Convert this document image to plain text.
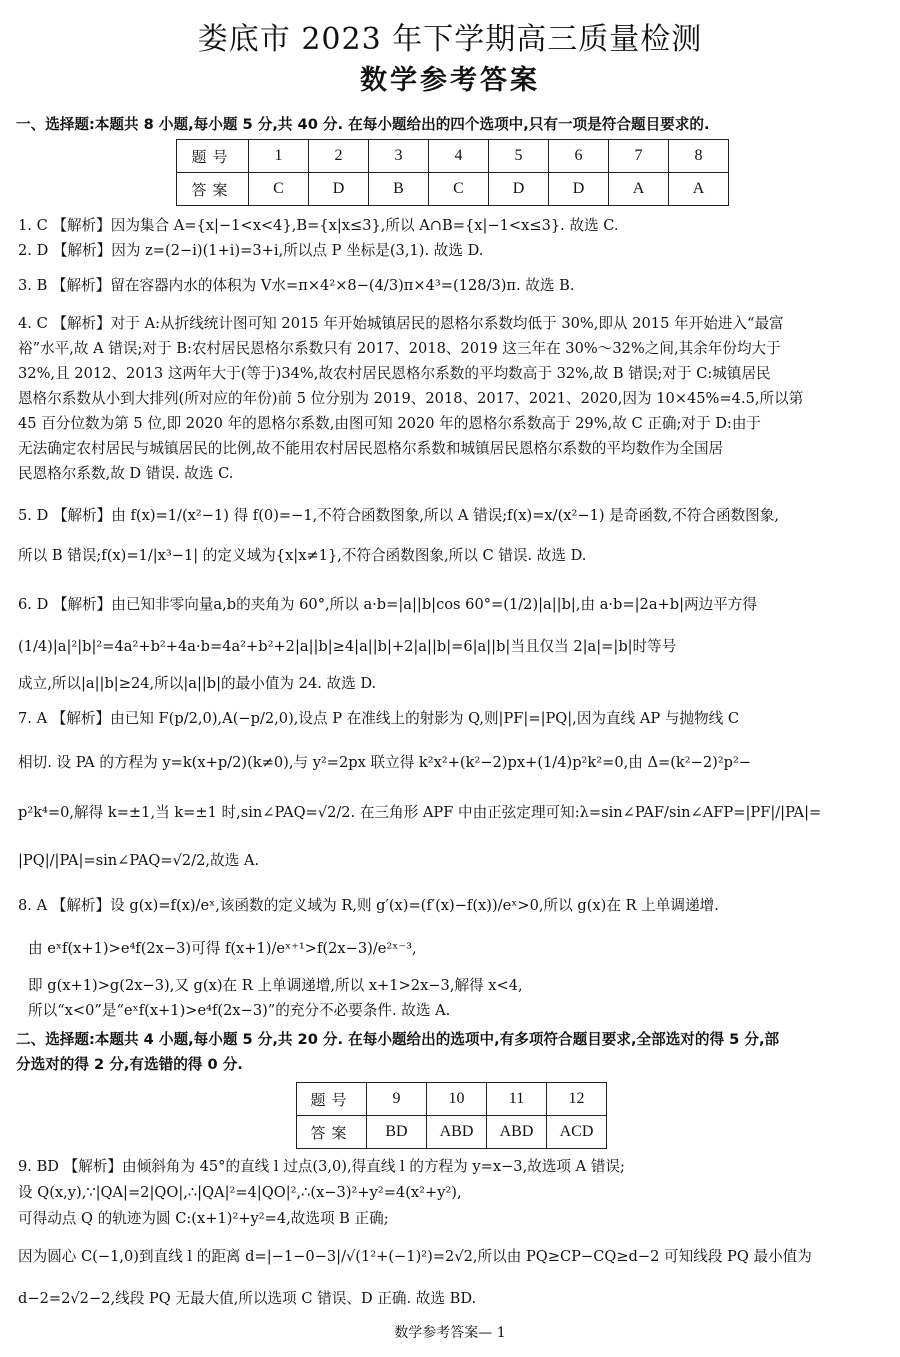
娄底市 2023 年下学期高三质量检测
数学参考答案
一、选择题:本题共 8 小题,每小题 5 分,共 40 分. 在每小题给出的四个选项中,只有一项是符合题目要求的.
题号	1	2	3	4	5	6	7	8
答案	C	D	B	C	D	D	A	A
1. C 【解析】因为集合 A={x|−1<x<4},B={x|x≤3},所以 A∩B={x|−1<x≤3}. 故选 C.
2. D 【解析】因为 z=(2−i)(1+i)=3+i,所以点 P 坐标是(3,1). 故选 D.
3. B 【解析】留在容器内水的体积为 V水=π×4²×8−(4/3)π×4³=(128/3)π. 故选 B.
4. C 【解析】对于 A:从折线统计图可知 2015 年开始城镇居民的恩格尔系数均低于 30%,即从 2015 年开始进入“最富
裕”水平,故 A 错误;对于 B:农村居民恩格尔系数只有 2017、2018、2019 这三年在 30%～32%之间,其余年份均大于
32%,且 2012、2013 这两年大于(等于)34%,故农村居民恩格尔系数的平均数高于 32%,故 B 错误;对于 C:城镇居民
恩格尔系数从小到大排列(所对应的年份)前 5 位分别为 2019、2018、2017、2021、2020,因为 10×45%=4.5,所以第
45 百分位数为第 5 位,即 2020 年的恩格尔系数,由图可知 2020 年的恩格尔系数高于 29%,故 C 正确;对于 D:由于
无法确定农村居民与城镇居民的比例,故不能用农村居民恩格尔系数和城镇居民恩格尔系数的平均数作为全国居
民恩格尔系数,故 D 错误. 故选 C.
5. D 【解析】由 f(x)=1/(x²−1) 得 f(0)=−1,不符合函数图象,所以 A 错误;f(x)=x/(x²−1) 是奇函数,不符合函数图象,
所以 B 错误;f(x)=1/|x³−1| 的定义域为{x|x≠1},不符合函数图象,所以 C 错误. 故选 D.
6. D 【解析】由已知非零向量a,b的夹角为 60°,所以 a·b=|a||b|cos 60°=(1/2)|a||b|,由 a·b=|2a+b|两边平方得
(1/4)|a|²|b|²=4a²+b²+4a·b=4a²+b²+2|a||b|≥4|a||b|+2|a||b|=6|a||b|当且仅当 2|a|=|b|时等号
成立,所以|a||b|≥24,所以|a||b|的最小值为 24. 故选 D.
7. A 【解析】由已知 F(p/2,0),A(−p/2,0),设点 P 在准线上的射影为 Q,则|PF|=|PQ|,因为直线 AP 与抛物线 C
相切. 设 PA 的方程为 y=k(x+p/2)(k≠0),与 y²=2px 联立得 k²x²+(k²−2)px+(1/4)p²k²=0,由 Δ=(k²−2)²p²−
p²k⁴=0,解得 k=±1,当 k=±1 时,sin∠PAQ=√2/2. 在三角形 APF 中由正弦定理可知:λ=sin∠PAF/sin∠AFP=|PF|/|PA|=
|PQ|/|PA|=sin∠PAQ=√2/2,故选 A.
8. A 【解析】设 g(x)=f(x)/eˣ,该函数的定义域为 R,则 g′(x)=(f′(x)−f(x))/eˣ>0,所以 g(x)在 R 上单调递增.
由 eˣf(x+1)>e⁴f(2x−3)可得 f(x+1)/eˣ⁺¹>f(2x−3)/e²ˣ⁻³,
即 g(x+1)>g(2x−3),又 g(x)在 R 上单调递增,所以 x+1>2x−3,解得 x<4,
所以“x<0”是“eˣf(x+1)>e⁴f(2x−3)”的充分不必要条件. 故选 A.
二、选择题:本题共 4 小题,每小题 5 分,共 20 分. 在每小题给出的选项中,有多项符合题目要求,全部选对的得 5 分,部
分选对的得 2 分,有选错的得 0 分.
题号	9	10	11	12
答案	BD	ABD	ABD	ACD
9. BD 【解析】由倾斜角为 45°的直线 l 过点(3,0),得直线 l 的方程为 y=x−3,故选项 A 错误;
设 Q(x,y),∵|QA|=2|QO|,∴|QA|²=4|QO|²,∴(x−3)²+y²=4(x²+y²),
可得动点 Q 的轨迹为圆 C:(x+1)²+y²=4,故选项 B 正确;
因为圆心 C(−1,0)到直线 l 的距离 d=|−1−0−3|/√(1²+(−1)²)=2√2,所以由 PQ≥CP−CQ≥d−2 可知线段 PQ 最小值为
d−2=2√2−2,线段 PQ 无最大值,所以选项 C 错误、D 正确. 故选 BD.
数学参考答案— 1
